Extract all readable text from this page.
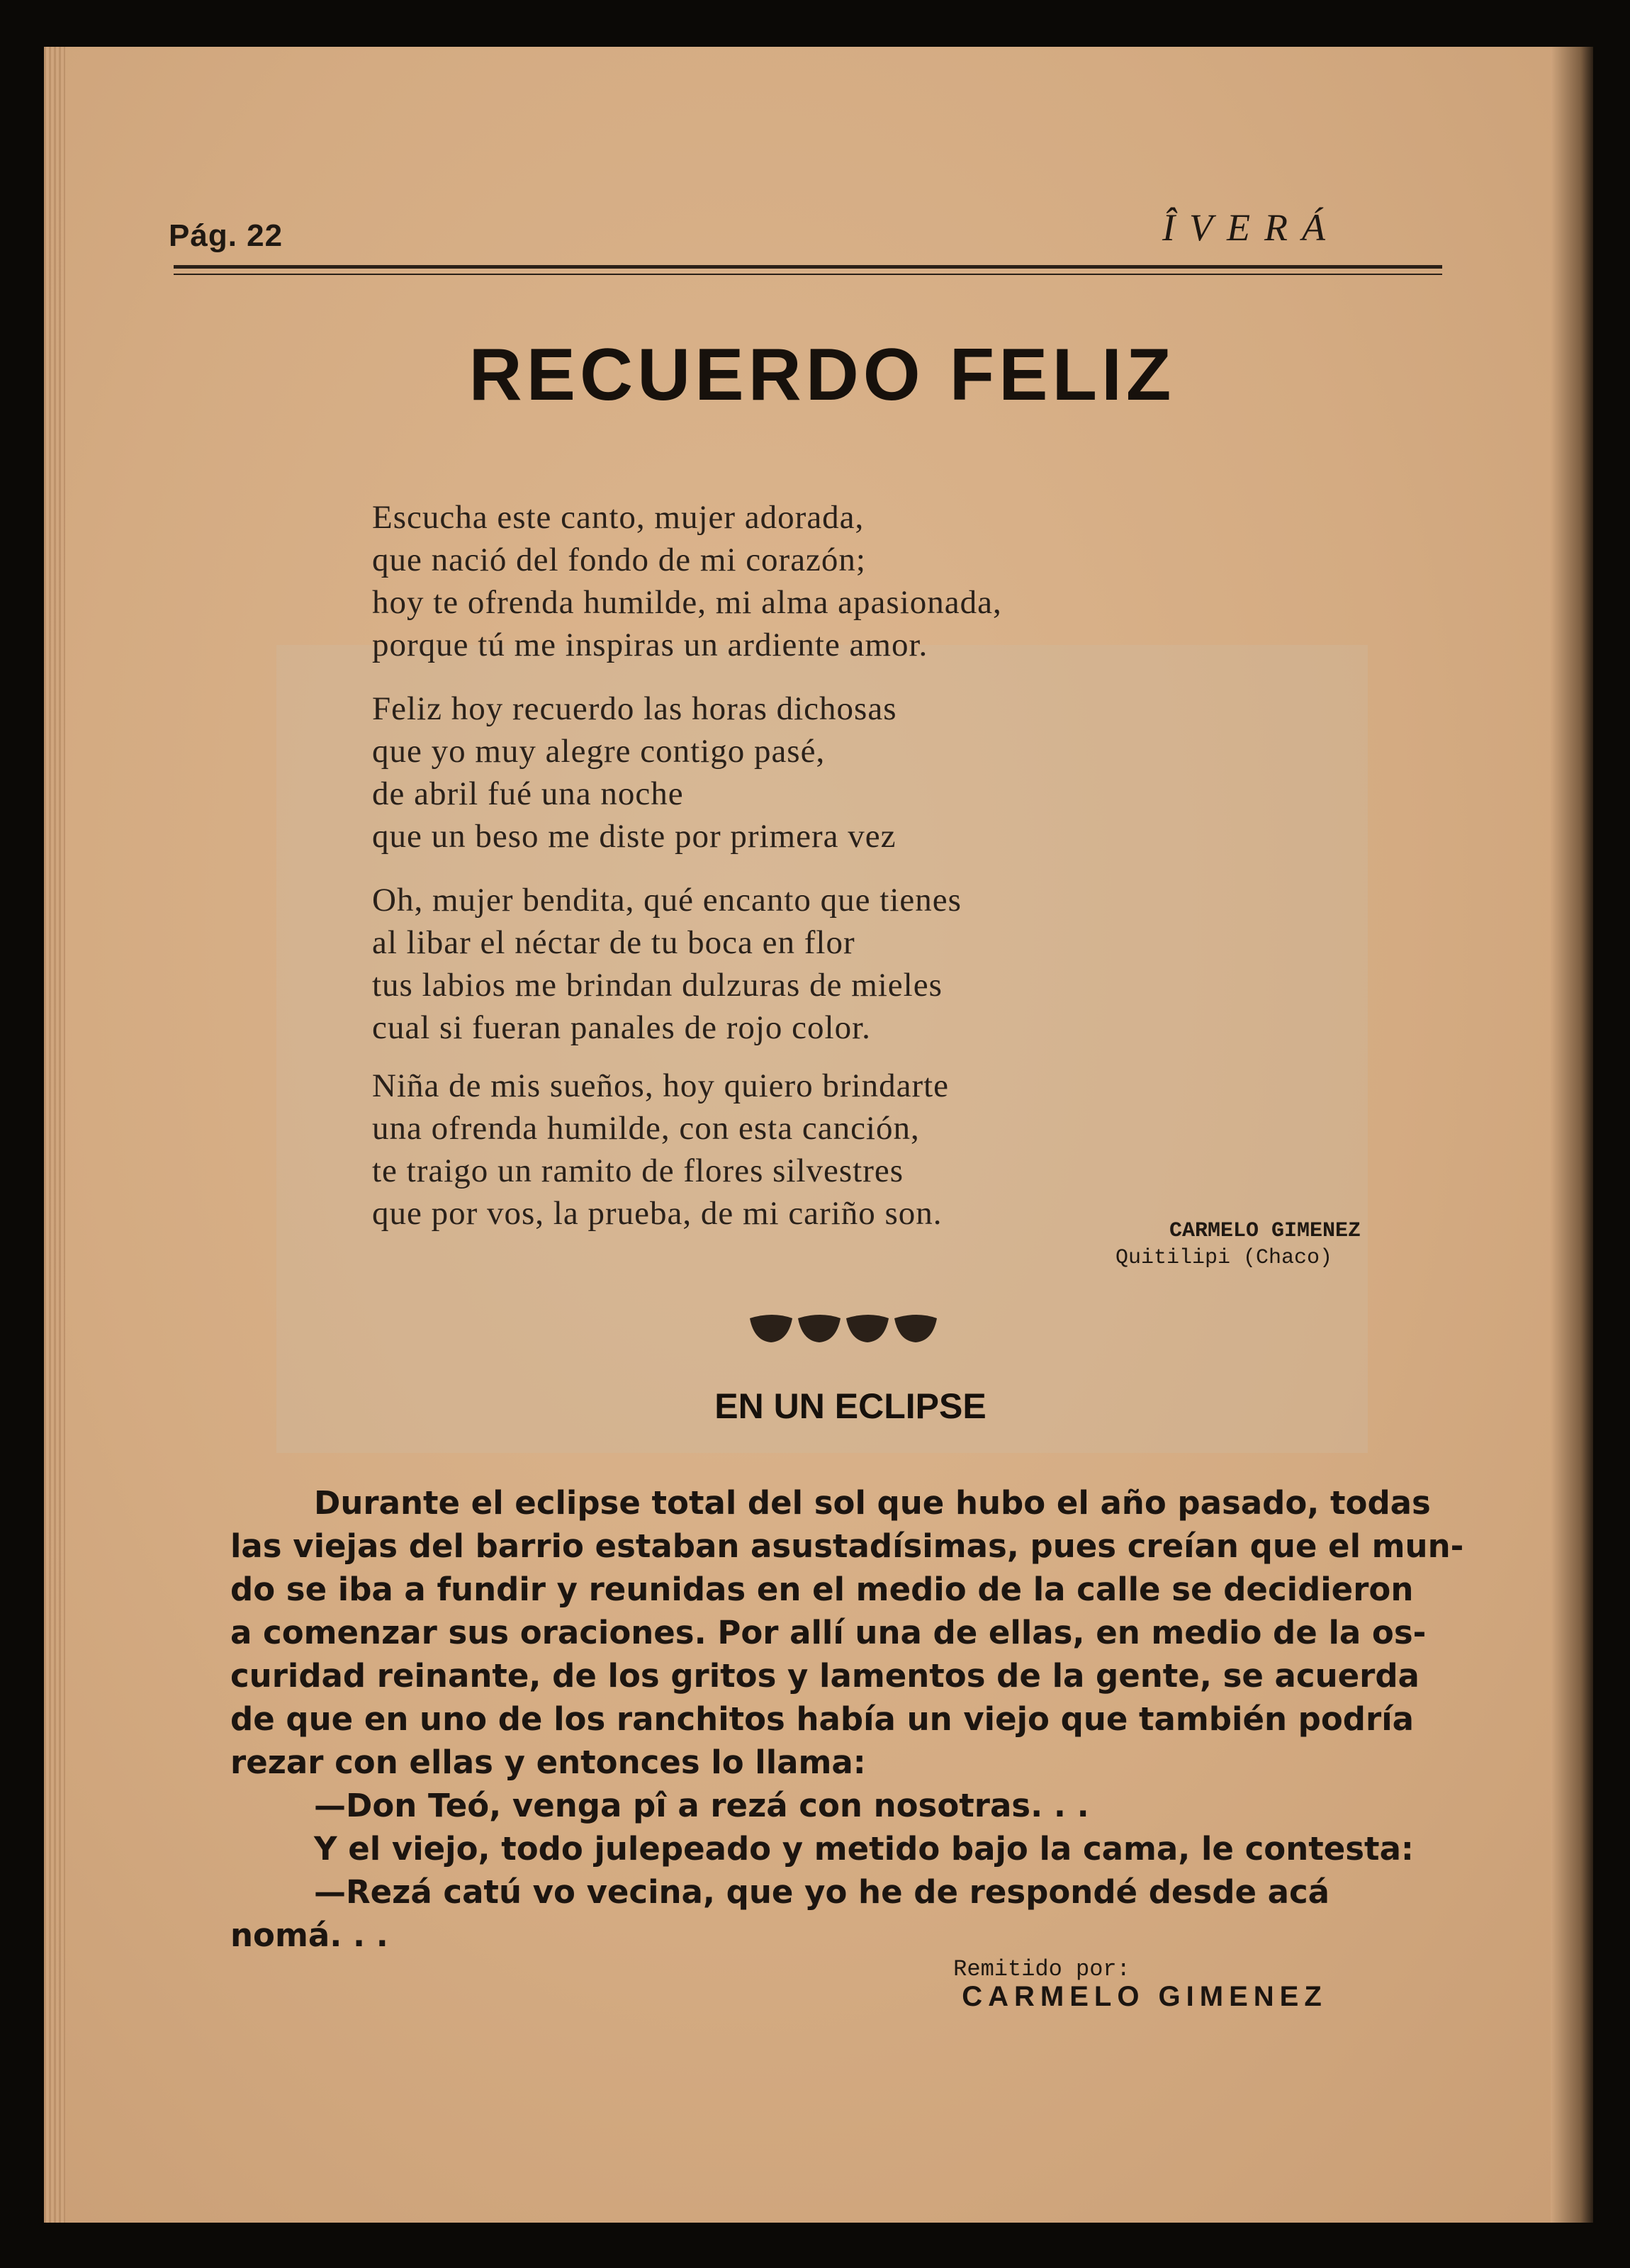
Pág. 22	ÎVERÁ
RECUERDO FELIZ
Escucha este canto, mujer adorada,
que nació del fondo de mi corazón;
hoy te ofrenda humilde, mi alma apasionada,
porque tú me inspiras un ardiente amor.
Feliz hoy recuerdo las horas dichosas
que yo muy alegre contigo pasé,
de abril fué una noche
que un beso me diste por primera vez
Oh, mujer bendita, qué encanto que tienes
al libar el néctar de tu boca en flor
tus labios me brindan dulzuras de mieles
cual si fueran panales de rojo color.
Niña de mis sueños, hoy quiero brindarte
una ofrenda humilde, con esta canción,
te traigo un ramito de flores silvestres
que por vos, la prueba, de mi cariño son.	CARMELO GIMENEZ
Quitilipi (Chaco)
EN UN ECLIPSE
Durante el eclipse total del sol que hubo el año pasado, todas
las viejas del barrio estaban asustadísimas, pues creían que el mun-
do se iba a fundir y reunidas en el medio de la calle se decidieron
a comenzar sus oraciones. Por allí una de ellas, en medio de la os-
curidad reinante, de los gritos y lamentos de la gente, se acuerda
de que en uno de los ranchitos había un viejo que también podría
rezar con ellas y entonces lo llama:
—Don Teó, venga pî a rezá con nosotras. . .
Y el viejo, todo julepeado y metido bajo la cama, le contesta:
—Rezá catú vo vecina, que yo he de respondé desde acá
nomá. . .
Remitido por:
CARMELO GIMENEZ
